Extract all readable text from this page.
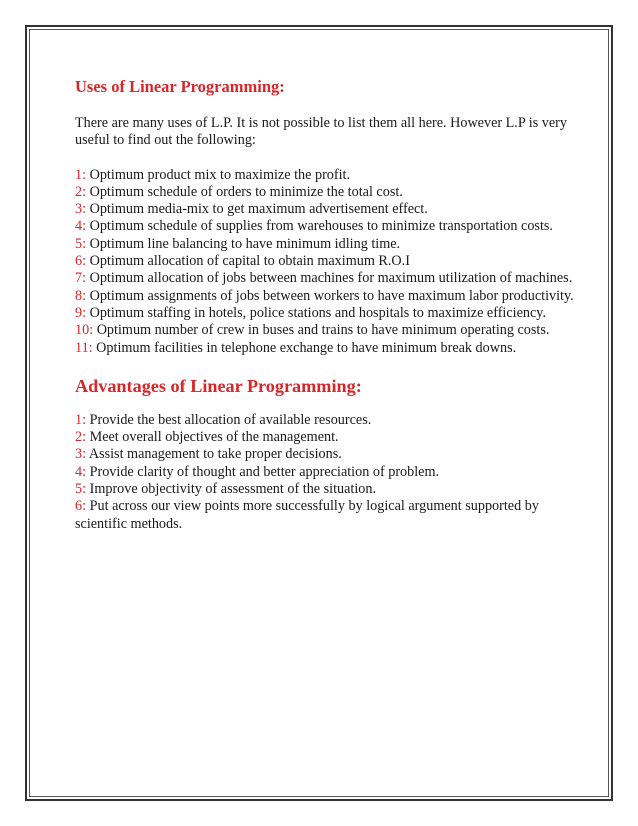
Uses of Linear Programming:

There are many uses of L.P. It is not possible to list them all here. However L.P is very useful to find out the following:

1: Optimum product mix to maximize the profit.
2: Optimum schedule of orders to minimize the total cost.
3: Optimum media-mix to get maximum advertisement effect.
4: Optimum schedule of supplies from warehouses to minimize transportation costs.
5: Optimum line balancing to have minimum idling time.
6: Optimum allocation of capital to obtain maximum R.O.I
7: Optimum allocation of jobs between machines for maximum utilization of machines.
8: Optimum assignments of jobs between workers to have maximum labor productivity.
9: Optimum staffing in hotels, police stations and hospitals to maximize efficiency.
10: Optimum number of crew in buses and trains to have minimum operating costs.
11: Optimum facilities in telephone exchange to have minimum break downs.
Advantages of Linear Programming:
1: Provide the best allocation of available resources.
2: Meet overall objectives of the management.
3: Assist management to take proper decisions.
4: Provide clarity of thought and better appreciation of problem.
5: Improve objectivity of assessment of the situation.
6: Put across our view points more successfully by logical argument supported by scientific methods.
